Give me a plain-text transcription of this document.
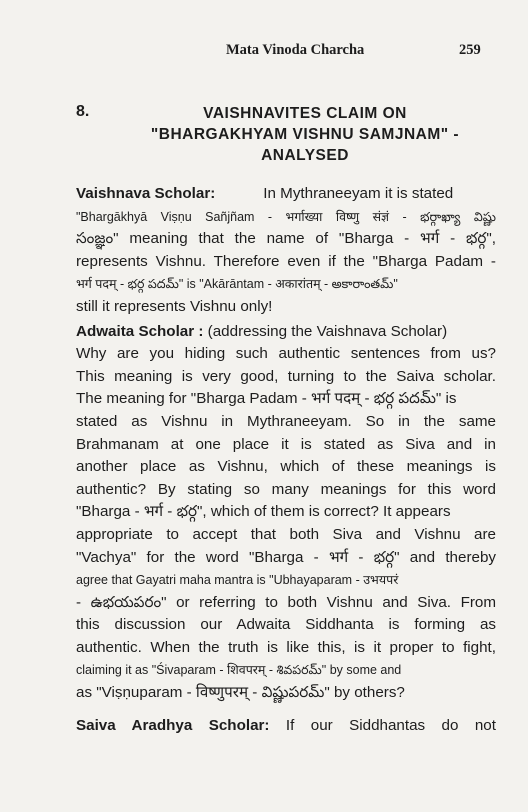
Mata Vinoda Charcha	259
8.	VAISHNAVITES CLAIM ON
"BHARGAKHYAM VISHNU SAMJNAM" -
ANALYSED
Vaishnava Scholar:	In Mythraneeyam it is stated
"Bhargākhyā Viṣṇu Sañjñam - भर्गाख्या विष्णु संज्ञं - భర్గాఖ్యా విష్ణు
సంజ్ఞం" meaning that the name of "Bharga - भर्ग - భర్గ",
represents Vishnu. Therefore even if the "Bharga Padam -
भर्ग पदम् - భర్గ పదమ్" is "Akārāntam - अकारांतम् - అకారాంతమ్"
still it represents Vishnu only!
Adwaita Scholar : (addressing the Vaishnava Scholar)
Why are you hiding such authentic sentences from us?
This meaning is very good, turning to the Saiva scholar.
The meaning for "Bharga Padam - भर्ग पदम् - భర్గ పదమ్" is
stated as Vishnu in Mythraneeyam. So in the same
Brahmanam at one place it is stated as Siva and in
another place as Vishnu, which of these meanings is
authentic? By stating so many meanings for this word
"Bharga - भर्ग - భర్గ", which of them is correct? It appears
appropriate to accept that both Siva and Vishnu are
"Vachya" for the word "Bharga - भर्ग - భర్గ" and thereby
agree that Gayatri maha mantra is "Ubhayaparam - उभयपरं
- ఉభయపరం" or referring to both Vishnu and Siva. From
this discussion our Adwaita Siddhanta is forming as
authentic. When the truth is like this, is it proper to fight,
claiming it as "Śivaparam - शिवपरम् - శివపరమ్" by some and
as "Viṣṇuparam - विष्णुपरम् - విష్ణుపరమ్" by others?
Saiva Aradhya Scholar: If our Siddhantas do not
